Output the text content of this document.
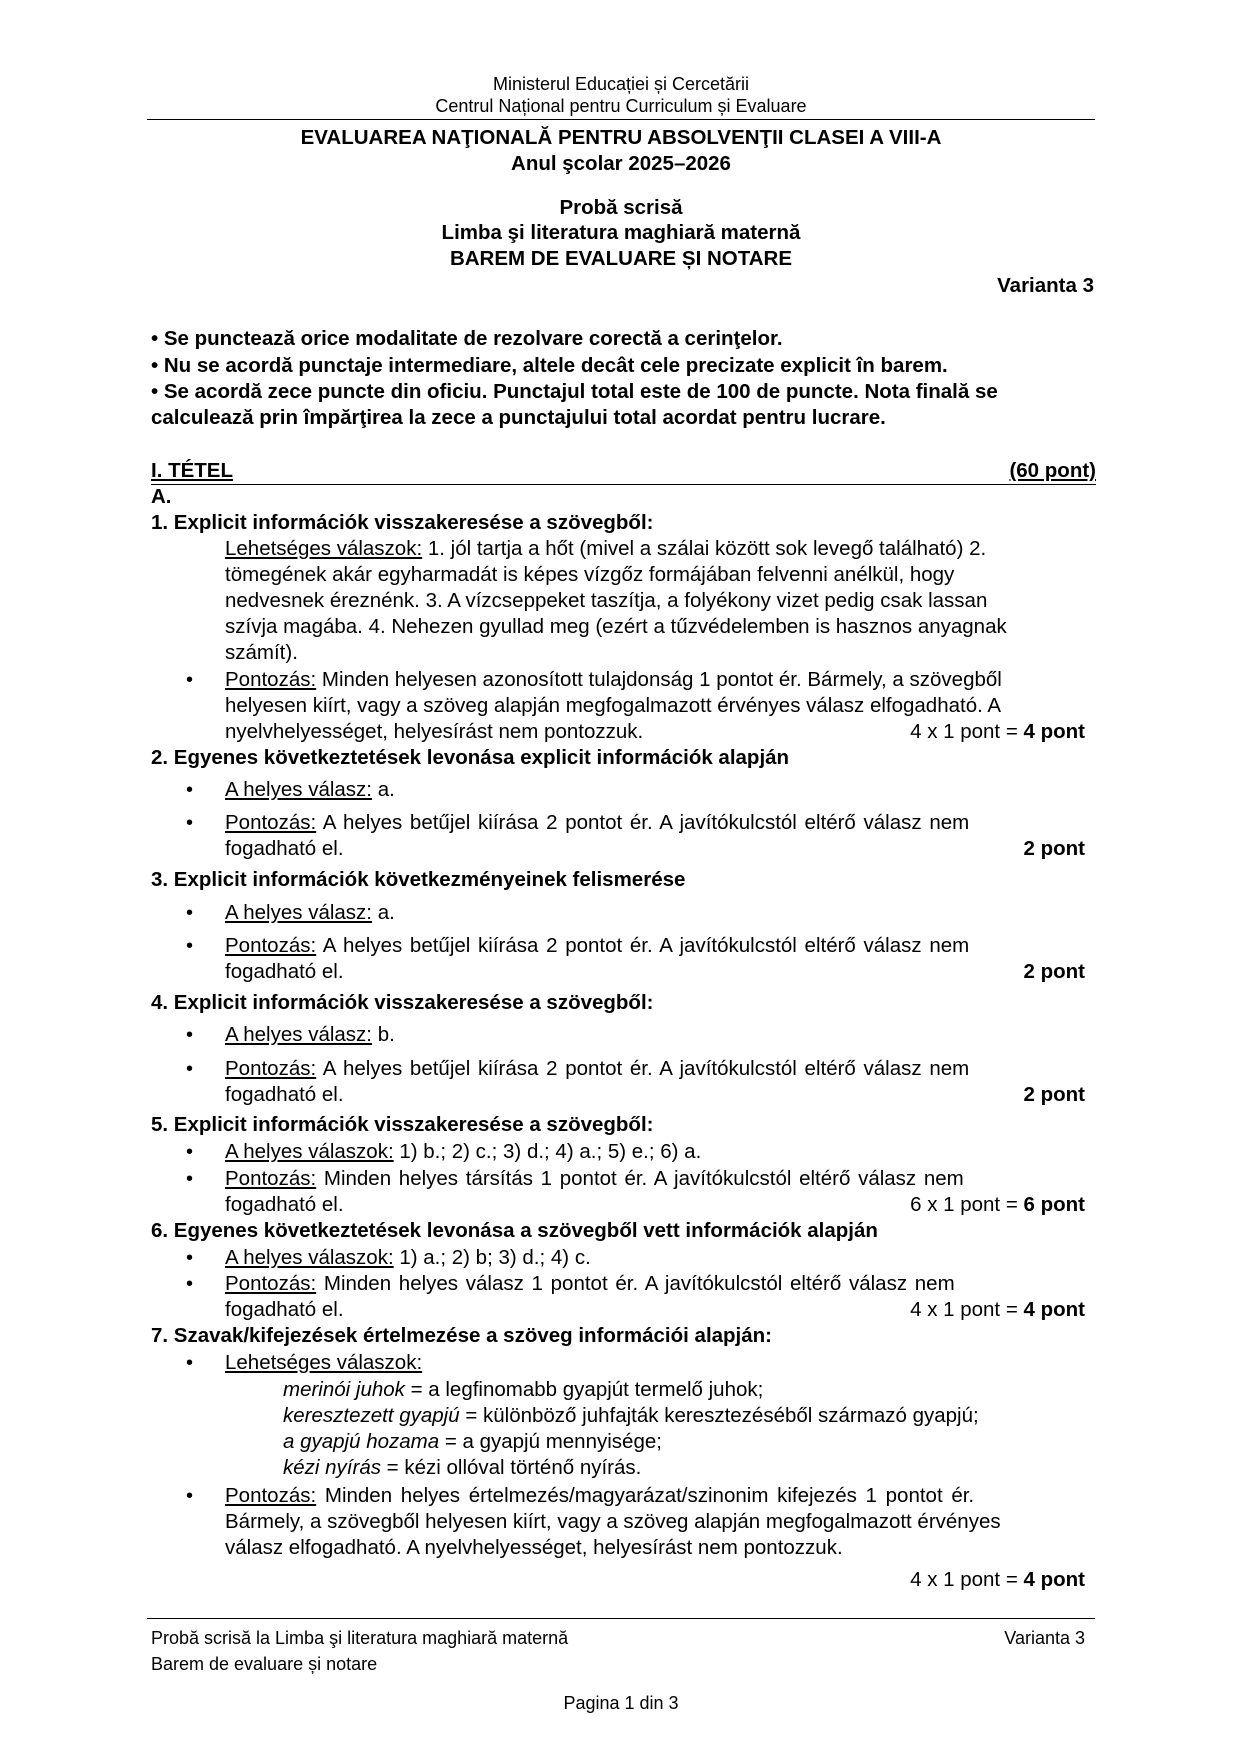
Ministerul Educației și Cercetării
Centrul Național pentru Curriculum și Evaluare
EVALUAREA NAŢIONALĂ PENTRU ABSOLVENŢII CLASEI A VIII-A
Anul şcolar 2025–2026
Probă scrisă
Limba şi literatura maghiară maternă
BAREM DE EVALUARE ȘI NOTARE
Varianta 3
• Se punctează orice modalitate de rezolvare corectă a cerinţelor.
• Nu se acordă punctaje intermediare, altele decât cele precizate explicit în barem.
• Se acordă zece puncte din oficiu. Punctajul total este de 100 de puncte. Nota finală se
calculează prin împărţirea la zece a punctajului total acordat pentru lucrare.
I. TÉTEL	(60 pont)
A.
1. Explicit információk visszakeresése a szövegből:
Lehetséges válaszok: 1. jól tartja a hőt (mivel a szálai között sok levegő található) 2.
tömegének akár egyharmadát is képes vízgőz formájában felvenni anélkül, hogy
nedvesnek éreznénk. 3. A vízcseppeket taszítja, a folyékony vizet pedig csak lassan
szívja magába. 4. Nehezen gyullad meg (ezért a tűzvédelemben is hasznos anyagnak
számít).
• Pontozás: Minden helyesen azonosított tulajdonság 1 pontot ér. Bármely, a szövegből
helyesen kiírt, vagy a szöveg alapján megfogalmazott érvényes válasz elfogadható. A
nyelvhelyességet, helyesírást nem pontozzuk.	4 x 1 pont = 4 pont
2. Egyenes következtetések levonása explicit információk alapján
• A helyes válasz: a.
• Pontozás: A helyes betűjel kiírása 2 pontot ér. A javítókulcstól eltérő válasz nem
fogadható el.	2 pont
3. Explicit információk következményeinek felismerése
• A helyes válasz: a.
• Pontozás: A helyes betűjel kiírása 2 pontot ér. A javítókulcstól eltérő válasz nem
fogadható el.	2 pont
4. Explicit információk visszakeresése a szövegből:
• A helyes válasz: b.
• Pontozás: A helyes betűjel kiírása 2 pontot ér. A javítókulcstól eltérő válasz nem
fogadható el.	2 pont
5. Explicit információk visszakeresése a szövegből:
• A helyes válaszok: 1) b.; 2) c.; 3) d.; 4) a.; 5) e.; 6) a.
• Pontozás: Minden helyes társítás 1 pontot ér. A javítókulcstól eltérő válasz nem
fogadható el.	6 x 1 pont = 6 pont
6. Egyenes következtetések levonása a szövegből vett információk alapján
• A helyes válaszok: 1) a.; 2) b; 3) d.; 4) c.
• Pontozás: Minden helyes válasz 1 pontot ér. A javítókulcstól eltérő válasz nem
fogadható el.	4 x 1 pont = 4 pont
7. Szavak/kifejezések értelmezése a szöveg információi alapján:
• Lehetséges válaszok:
merinói juhok = a legfinomabb gyapjút termelő juhok;
keresztezett gyapjú = különböző juhfajták keresztezéséből származó gyapjú;
a gyapjú hozama = a gyapjú mennyisége;
kézi nyírás = kézi ollóval történő nyírás.
• Pontozás: Minden helyes értelmezés/magyarázat/szinonim kifejezés 1 pontot ér.
Bármely, a szövegből helyesen kiírt, vagy a szöveg alapján megfogalmazott érvényes
válasz elfogadható. A nyelvhelyességet, helyesírást nem pontozzuk.
4 x 1 pont = 4 pont
Probă scrisă la Limba şi literatura maghiară maternă
Barem de evaluare și notare
Varianta 3
Pagina 1 din 3
